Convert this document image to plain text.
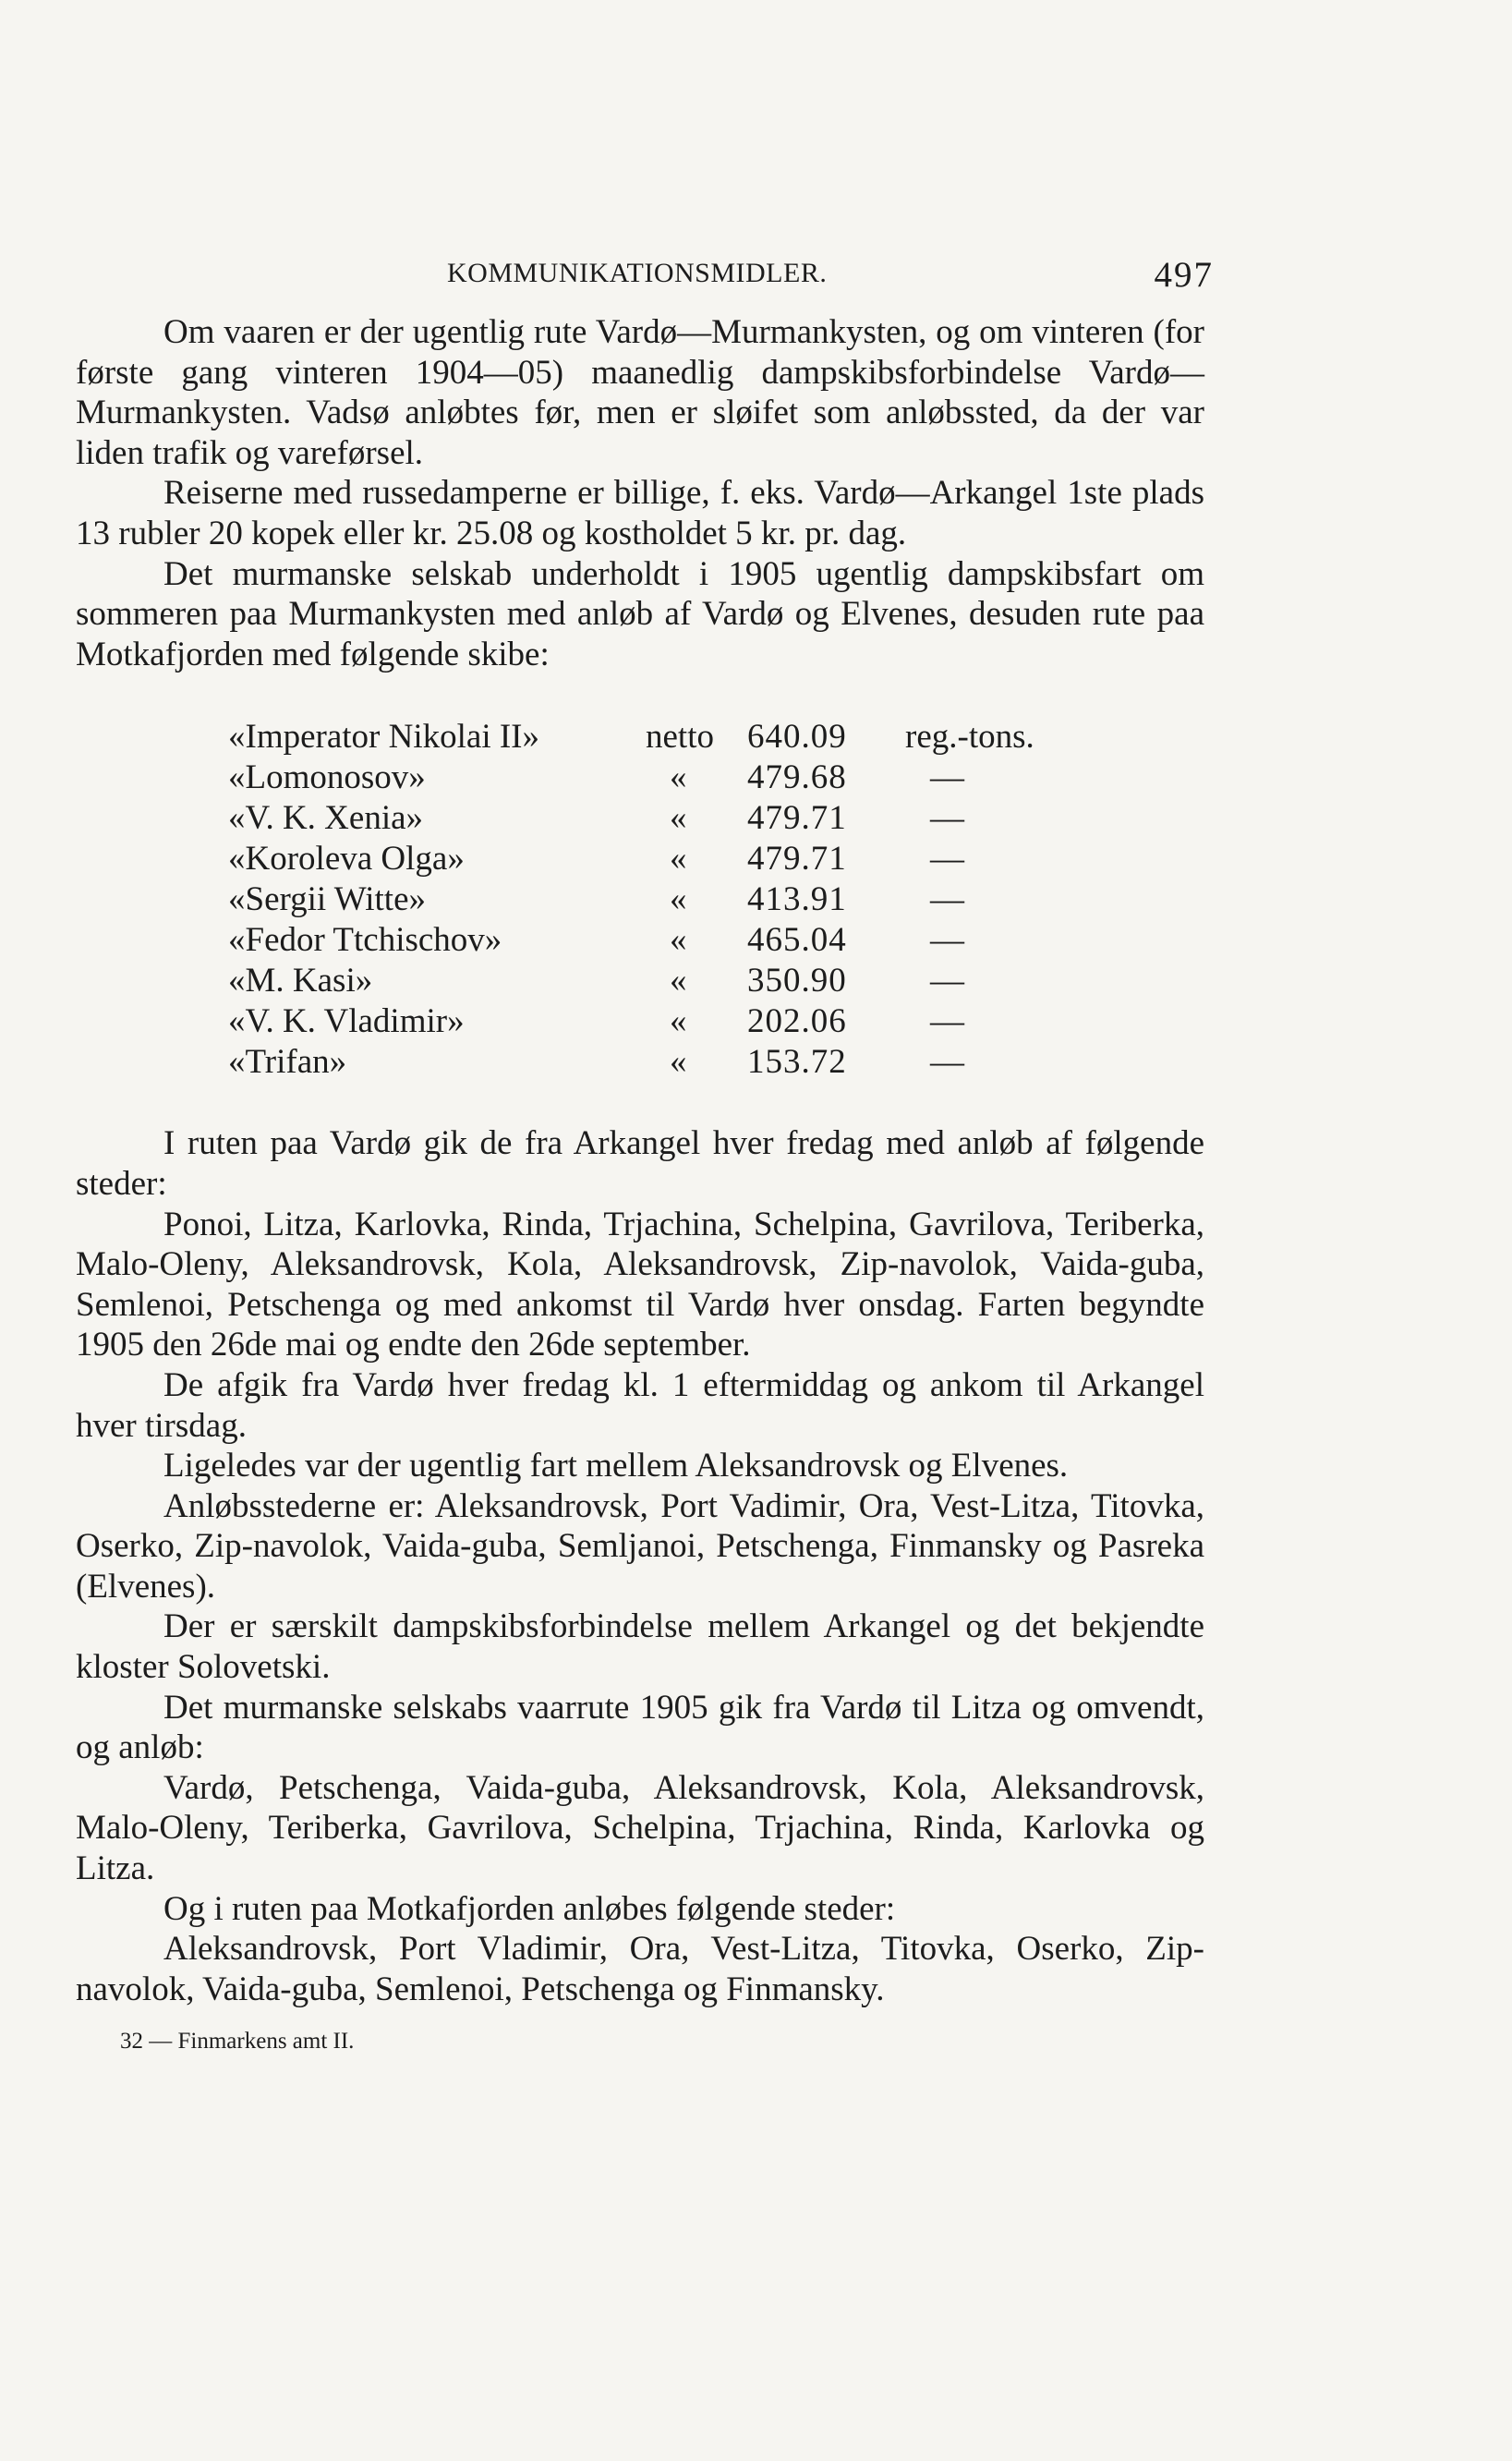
KOMMUNIKATIONSMIDLER.	497

Om vaaren er der ugentlig rute Vardø—Murmankysten, og om vinteren (for første gang vinteren 1904—05) maanedlig dampskibsforbindelse Vardø—Murmankysten. Vadsø anløbtes før, men er sløifet som anløbssted, da der var liden trafik og vareførsel.

Reiserne med russedamperne er billige, f. eks. Vardø—Arkangel 1ste plads 13 rubler 20 kopek eller kr. 25.08 og kostholdet 5 kr. pr. dag.

Det murmanske selskab underholdt i 1905 ugentlig dampskibsfart om sommeren paa Murmankysten med anløb af Vardø og Elvenes, desuden rute paa Motkafjorden med følgende skibe:

«Imperator Nikolai II»	netto 640.09 reg.-tons.
«Lomonosov»	« 479.68 —
«V. K. Xenia»	« 479.71 —
«Koroleva Olga»	« 479.71 —
«Sergii Witte»	« 413.91 —
«Fedor Ttchischov»	« 465.04 —
«M. Kasi»	« 350.90 —
«V. K. Vladimir»	« 202.06 —
«Trifan»	« 153.72 —

I ruten paa Vardø gik de fra Arkangel hver fredag med anløb af følgende steder:

Ponoi, Litza, Karlovka, Rinda, Trjachina, Schelpina, Gavrilova, Teriberka, Malo-Oleny, Aleksandrovsk, Kola, Aleksandrovsk, Zip-navolok, Vaida-guba, Semlenoi, Petschenga og med ankomst til Vardø hver onsdag. Farten begyndte 1905 den 26de mai og endte den 26de september.

De afgik fra Vardø hver fredag kl. 1 eftermiddag og ankom til Arkangel hver tirsdag.

Ligeledes var der ugentlig fart mellem Aleksandrovsk og Elvenes.

Anløbsstederne er: Aleksandrovsk, Port Vadimir, Ora, Vest-Litza, Titovka, Oserko, Zip-navolok, Vaida-guba, Semljanoi, Petschenga, Finmansky og Pasreka (Elvenes).

Der er særskilt dampskibsforbindelse mellem Arkangel og det bekjendte kloster Solovetski.

Det murmanske selskabs vaarrute 1905 gik fra Vardø til Litza og omvendt, og anløb:

Vardø, Petschenga, Vaida-guba, Aleksandrovsk, Kola, Aleksandrovsk, Malo-Oleny, Teriberka, Gavrilova, Schelpina, Trjachina, Rinda, Karlovka og Litza.

Og i ruten paa Motkafjorden anløbes følgende steder:

Aleksandrovsk, Port Vladimir, Ora, Vest-Litza, Titovka, Oserko, Zip-navolok, Vaida-guba, Semlenoi, Petschenga og Finmansky.

32 — Finmarkens amt II.
